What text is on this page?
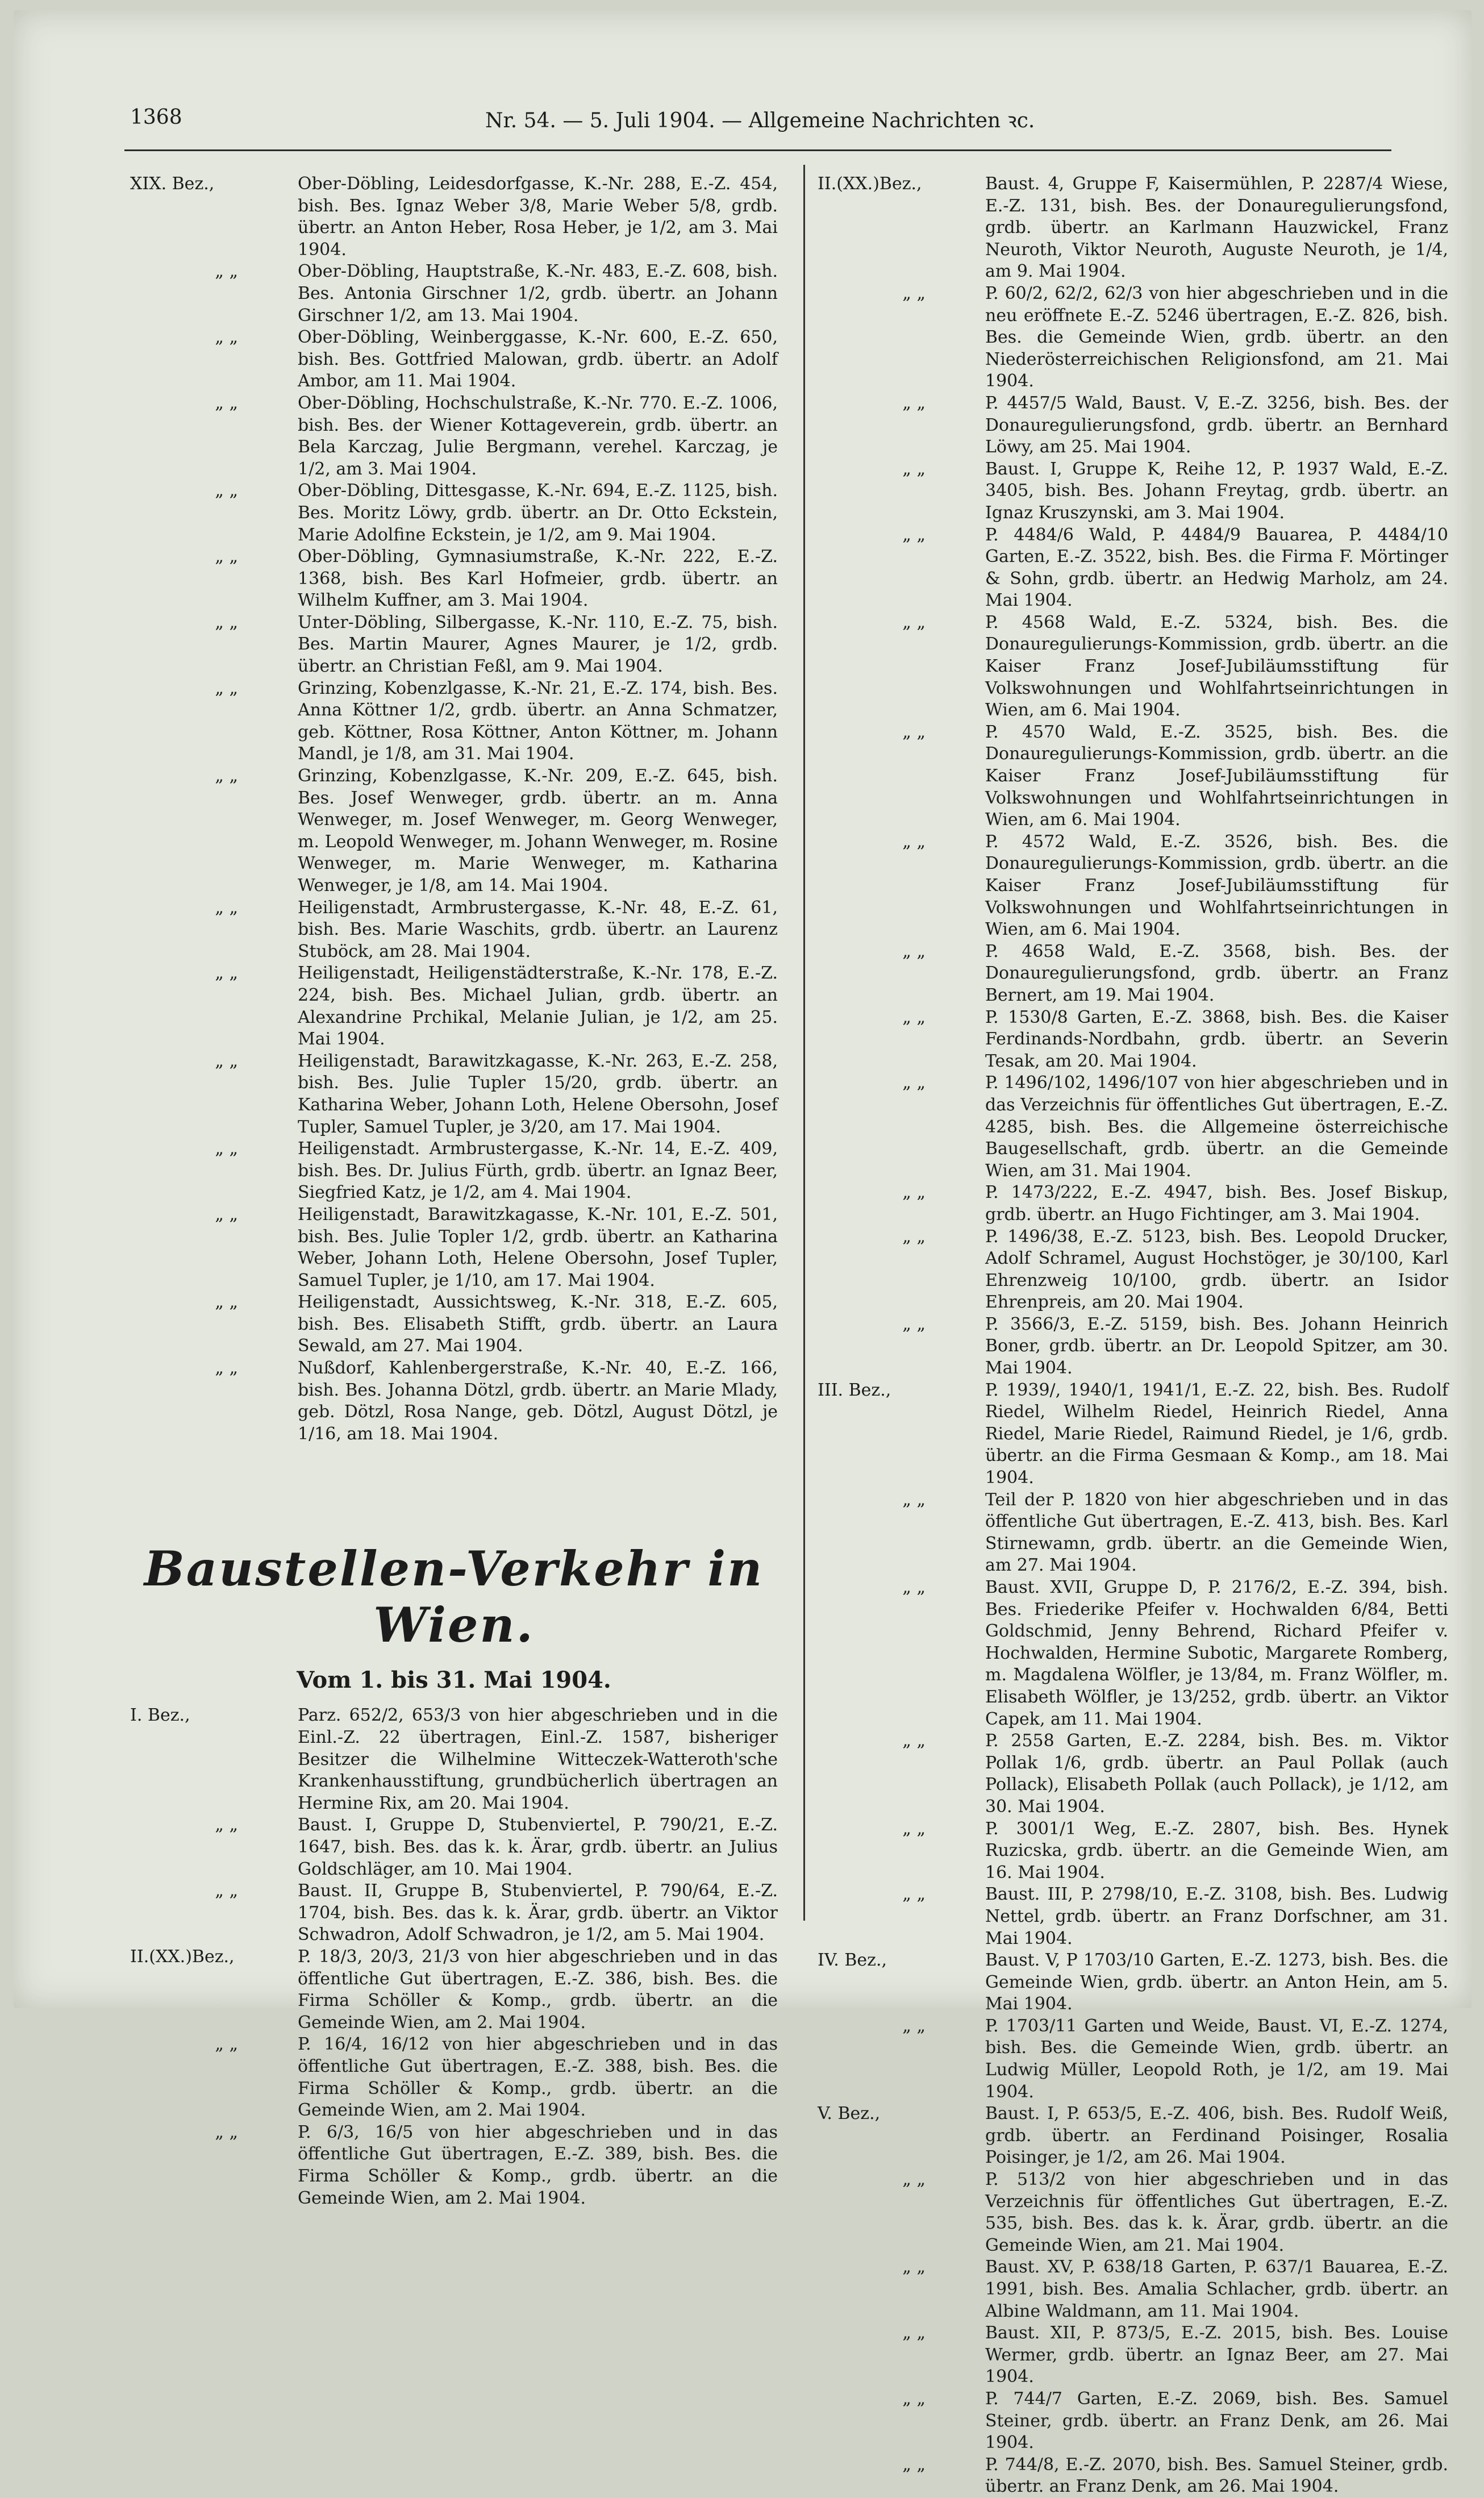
1368	Nr. 54. — 5. Juli 1904. — Allgemeine Nachrichten ꝛc.
XIX. Bez.,	Ober-Döbling, Leidesdorfgasse, K.-Nr. 288, E.-Z. 454, bish. Bes. Ignaz Weber 3/8, Marie Weber 5/8, grdb. übertr. an Anton Heber, Rosa Heber, je 1/2, am 3. Mai 1904.
„ „	Ober-Döbling, Hauptstraße, K.-Nr. 483, E.-Z. 608, bish. Bes. Antonia Girschner 1/2, grdb. übertr. an Johann Girschner 1/2, am 13. Mai 1904.
„ „	Ober-Döbling, Weinberggasse, K.-Nr. 600, E.-Z. 650, bish. Bes. Gottfried Malowan, grdb. übertr. an Adolf Ambor, am 11. Mai 1904.
„ „	Ober-Döbling, Hochschulstraße, K.-Nr. 770. E.-Z. 1006, bish. Bes. der Wiener Kottageverein, grdb. übertr. an Bela Karczag, Julie Bergmann, verehel. Karczag, je 1/2, am 3. Mai 1904.
„ „	Ober-Döbling, Dittesgasse, K.-Nr. 694, E.-Z. 1125, bish. Bes. Moritz Löwy, grdb. übertr. an Dr. Otto Eckstein, Marie Adolfine Eckstein, je 1/2, am 9. Mai 1904.
„ „	Ober-Döbling, Gymnasiumstraße, K.-Nr. 222, E.-Z. 1368, bish. Bes Karl Hofmeier, grdb. übertr. an Wilhelm Kuffner, am 3. Mai 1904.
„ „	Unter-Döbling, Silbergasse, K.-Nr. 110, E.-Z. 75, bish. Bes. Martin Maurer, Agnes Maurer, je 1/2, grdb. übertr. an Christian Feßl, am 9. Mai 1904.
„ „	Grinzing, Kobenzlgasse, K.-Nr. 21, E.-Z. 174, bish. Bes. Anna Köttner 1/2, grdb. übertr. an Anna Schmatzer, geb. Köttner, Rosa Köttner, Anton Köttner, m. Johann Mandl, je 1/8, am 31. Mai 1904.
„ „	Grinzing, Kobenzlgasse, K.-Nr. 209, E.-Z. 645, bish. Bes. Josef Wenweger, grdb. übertr. an m. Anna Wenweger, m. Josef Wenweger, m. Georg Wenweger, m. Leopold Wenweger, m. Johann Wenweger, m. Rosine Wenweger, m. Marie Wenweger, m. Katharina Wenweger, je 1/8, am 14. Mai 1904.
„ „	Heiligenstadt, Armbrustergasse, K.-Nr. 48, E.-Z. 61, bish. Bes. Marie Waschits, grdb. übertr. an Laurenz Stuböck, am 28. Mai 1904.
„ „	Heiligenstadt, Heiligenstädterstraße, K.-Nr. 178, E.-Z. 224, bish. Bes. Michael Julian, grdb. übertr. an Alexandrine Prchikal, Melanie Julian, je 1/2, am 25. Mai 1904.
„ „	Heiligenstadt, Barawitzkagasse, K.-Nr. 263, E.-Z. 258, bish. Bes. Julie Tupler 15/20, grdb. übertr. an Katharina Weber, Johann Loth, Helene Obersohn, Josef Tupler, Samuel Tupler, je 3/20, am 17. Mai 1904.
„ „	Heiligenstadt. Armbrustergasse, K.-Nr. 14, E.-Z. 409, bish. Bes. Dr. Julius Fürth, grdb. übertr. an Ignaz Beer, Siegfried Katz, je 1/2, am 4. Mai 1904.
„ „	Heiligenstadt, Barawitzkagasse, K.-Nr. 101, E.-Z. 501, bish. Bes. Julie Topler 1/2, grdb. übertr. an Katharina Weber, Johann Loth, Helene Obersohn, Josef Tupler, Samuel Tupler, je 1/10, am 17. Mai 1904.
„ „	Heiligenstadt, Aussichtsweg, K.-Nr. 318, E.-Z. 605, bish. Bes. Elisabeth Stifft, grdb. übertr. an Laura Sewald, am 27. Mai 1904.
„ „	Nußdorf, Kahlenbergerstraße, K.-Nr. 40, E.-Z. 166, bish. Bes. Johanna Dötzl, grdb. übertr. an Marie Mlady, geb. Dötzl, Rosa Nange, geb. Dötzl, August Dötzl, je 1/16, am 18. Mai 1904.
Baustellen-Verkehr in Wien.
Vom 1. bis 31. Mai 1904.
I. Bez.,	Parz. 652/2, 653/3 von hier abgeschrieben und in die Einl.-Z. 22 übertragen, Einl.-Z. 1587, bisheriger Besitzer die Wilhelmine Witteczek-Watteroth'sche Krankenhausstiftung, grundbücherlich übertragen an Hermine Rix, am 20. Mai 1904.
„ „	Baust. I, Gruppe D, Stubenviertel, P. 790/21, E.-Z. 1647, bish. Bes. das k. k. Ärar, grdb. übertr. an Julius Goldschläger, am 10. Mai 1904.
„ „	Baust. II, Gruppe B, Stubenviertel, P. 790/64, E.-Z. 1704, bish. Bes. das k. k. Ärar, grdb. übertr. an Viktor Schwadron, Adolf Schwadron, je 1/2, am 5. Mai 1904.
II.(XX.)Bez.,	P. 18/3, 20/3, 21/3 von hier abgeschrieben und in das öffentliche Gut übertragen, E.-Z. 386, bish. Bes. die Firma Schöller & Komp., grdb. übertr. an die Gemeinde Wien, am 2. Mai 1904.
„ „	P. 16/4, 16/12 von hier abgeschrieben und in das öffentliche Gut übertragen, E.-Z. 388, bish. Bes. die Firma Schöller & Komp., grdb. übertr. an die Gemeinde Wien, am 2. Mai 1904.
„ „	P. 6/3, 16/5 von hier abgeschrieben und in das öffentliche Gut übertragen, E.-Z. 389, bish. Bes. die Firma Schöller & Komp., grdb. übertr. an die Gemeinde Wien, am 2. Mai 1904.
II.(XX.)Bez.,	Baust. 4, Gruppe F, Kaisermühlen, P. 2287/4 Wiese, E.-Z. 131, bish. Bes. der Donauregulierungsfond, grdb. übertr. an Karlmann Hauzwickel, Franz Neuroth, Viktor Neuroth, Auguste Neuroth, je 1/4, am 9. Mai 1904.
„ „	P. 60/2, 62/2, 62/3 von hier abgeschrieben und in die neu eröffnete E.-Z. 5246 übertragen, E.-Z. 826, bish. Bes. die Gemeinde Wien, grdb. übertr. an den Niederösterreichischen Religionsfond, am 21. Mai 1904.
„ „	P. 4457/5 Wald, Baust. V, E.-Z. 3256, bish. Bes. der Donauregulierungsfond, grdb. übertr. an Bernhard Löwy, am 25. Mai 1904.
„ „	Baust. I, Gruppe K, Reihe 12, P. 1937 Wald, E.-Z. 3405, bish. Bes. Johann Freytag, grdb. übertr. an Ignaz Kruszynski, am 3. Mai 1904.
„ „	P. 4484/6 Wald, P. 4484/9 Bauarea, P. 4484/10 Garten, E.-Z. 3522, bish. Bes. die Firma F. Mörtinger & Sohn, grdb. übertr. an Hedwig Marholz, am 24. Mai 1904.
„ „	P. 4568 Wald, E.-Z. 5324, bish. Bes. die Donauregulierungs-Kommission, grdb. übertr. an die Kaiser Franz Josef-Jubiläumsstiftung für Volkswohnungen und Wohlfahrtseinrichtungen in Wien, am 6. Mai 1904.
„ „	P. 4570 Wald, E.-Z. 3525, bish. Bes. die Donauregulierungs-Kommission, grdb. übertr. an die Kaiser Franz Josef-Jubiläumsstiftung für Volkswohnungen und Wohlfahrtseinrichtungen in Wien, am 6. Mai 1904.
„ „	P. 4572 Wald, E.-Z. 3526, bish. Bes. die Donauregulierungs-Kommission, grdb. übertr. an die Kaiser Franz Josef-Jubiläumsstiftung für Volkswohnungen und Wohlfahrtseinrichtungen in Wien, am 6. Mai 1904.
„ „	P. 4658 Wald, E.-Z. 3568, bish. Bes. der Donauregulierungsfond, grdb. übertr. an Franz Bernert, am 19. Mai 1904.
„ „	P. 1530/8 Garten, E.-Z. 3868, bish. Bes. die Kaiser Ferdinands-Nordbahn, grdb. übertr. an Severin Tesak, am 20. Mai 1904.
„ „	P. 1496/102, 1496/107 von hier abgeschrieben und in das Verzeichnis für öffentliches Gut übertragen, E.-Z. 4285, bish. Bes. die Allgemeine österreichische Baugesellschaft, grdb. übertr. an die Gemeinde Wien, am 31. Mai 1904.
„ „	P. 1473/222, E.-Z. 4947, bish. Bes. Josef Biskup, grdb. übertr. an Hugo Fichtinger, am 3. Mai 1904.
„ „	P. 1496/38, E.-Z. 5123, bish. Bes. Leopold Drucker, Adolf Schramel, August Hochstöger, je 30/100, Karl Ehrenzweig 10/100, grdb. übertr. an Isidor Ehrenpreis, am 20. Mai 1904.
„ „	P. 3566/3, E.-Z. 5159, bish. Bes. Johann Heinrich Boner, grdb. übertr. an Dr. Leopold Spitzer, am 30. Mai 1904.
III. Bez.,	P. 1939/, 1940/1, 1941/1, E.-Z. 22, bish. Bes. Rudolf Riedel, Wilhelm Riedel, Heinrich Riedel, Anna Riedel, Marie Riedel, Raimund Riedel, je 1/6, grdb. übertr. an die Firma Gesmaan & Komp., am 18. Mai 1904.
„ „	Teil der P. 1820 von hier abgeschrieben und in das öffentliche Gut übertragen, E.-Z. 413, bish. Bes. Karl Stirnewamn, grdb. übertr. an die Gemeinde Wien, am 27. Mai 1904.
„ „	Baust. XVII, Gruppe D, P. 2176/2, E.-Z. 394, bish. Bes. Friederike Pfeifer v. Hochwalden 6/84, Betti Goldschmid, Jenny Behrend, Richard Pfeifer v. Hochwalden, Hermine Subotic, Margarete Romberg, m. Magdalena Wölfler, je 13/84, m. Franz Wölfler, m. Elisabeth Wölfler, je 13/252, grdb. übertr. an Viktor Capek, am 11. Mai 1904.
„ „	P. 2558 Garten, E.-Z. 2284, bish. Bes. m. Viktor Pollak 1/6, grdb. übertr. an Paul Pollak (auch Pollack), Elisabeth Pollak (auch Pollack), je 1/12, am 30. Mai 1904.
„ „	P. 3001/1 Weg, E.-Z. 2807, bish. Bes. Hynek Ruzicska, grdb. übertr. an die Gemeinde Wien, am 16. Mai 1904.
„ „	Baust. III, P. 2798/10, E.-Z. 3108, bish. Bes. Ludwig Nettel, grdb. übertr. an Franz Dorfschner, am 31. Mai 1904.
IV. Bez.,	Baust. V, P 1703/10 Garten, E.-Z. 1273, bish. Bes. die Gemeinde Wien, grdb. übertr. an Anton Hein, am 5. Mai 1904.
„ „	P. 1703/11 Garten und Weide, Baust. VI, E.-Z. 1274, bish. Bes. die Gemeinde Wien, grdb. übertr. an Ludwig Müller, Leopold Roth, je 1/2, am 19. Mai 1904.
V. Bez.,	Baust. I, P. 653/5, E.-Z. 406, bish. Bes. Rudolf Weiß, grdb. übertr. an Ferdinand Poisinger, Rosalia Poisinger, je 1/2, am 26. Mai 1904.
„ „	P. 513/2 von hier abgeschrieben und in das Verzeichnis für öffentliches Gut übertragen, E.-Z. 535, bish. Bes. das k. k. Ärar, grdb. übertr. an die Gemeinde Wien, am 21. Mai 1904.
„ „	Baust. XV, P. 638/18 Garten, P. 637/1 Bauarea, E.-Z. 1991, bish. Bes. Amalia Schlacher, grdb. übertr. an Albine Waldmann, am 11. Mai 1904.
„ „	Baust. XII, P. 873/5, E.-Z. 2015, bish. Bes. Louise Wermer, grdb. übertr. an Ignaz Beer, am 27. Mai 1904.
„ „	P. 744/7 Garten, E.-Z. 2069, bish. Bes. Samuel Steiner, grdb. übertr. an Franz Denk, am 26. Mai 1904.
„ „	P. 744/8, E.-Z. 2070, bish. Bes. Samuel Steiner, grdb. übertr. an Franz Denk, am 26. Mai 1904.
